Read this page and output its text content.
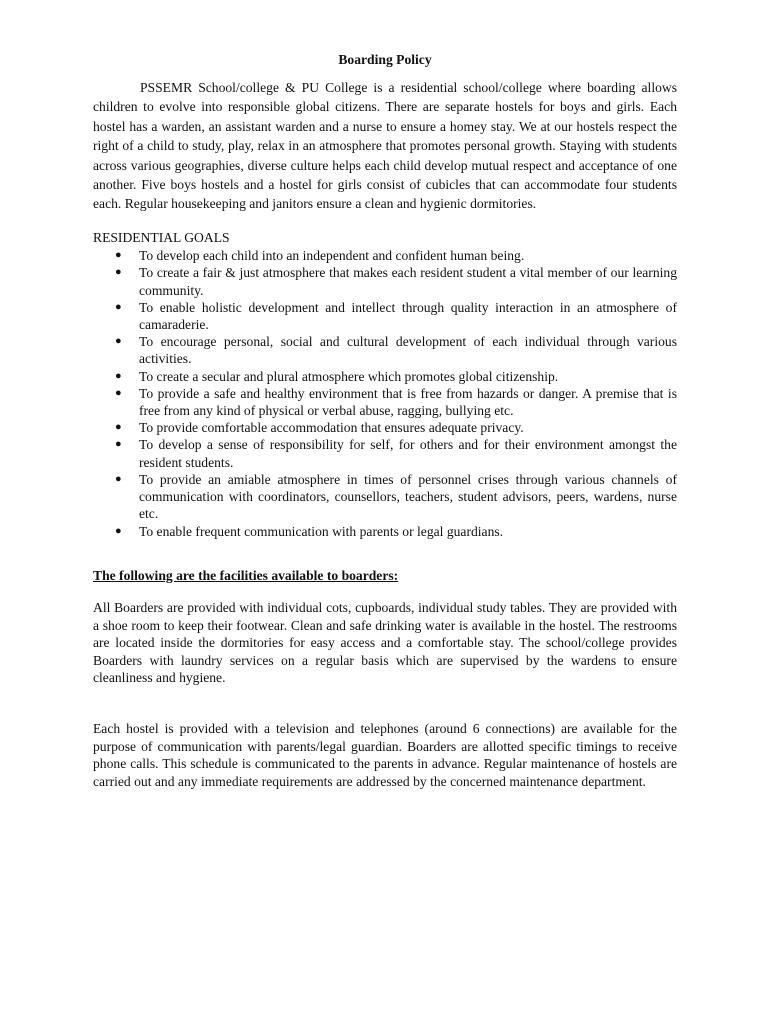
Boarding Policy

PSSEMR School/college & PU College is a residential school/college where boarding allows children to evolve into responsible global citizens. There are separate hostels for boys and girls. Each hostel has a warden, an assistant warden and a nurse to ensure a homey stay. We at our hostels respect the right of a child to study, play, relax in an atmosphere that promotes personal growth. Staying with students across various geographies, diverse culture helps each child develop mutual respect and acceptance of one another. Five boys hostels and a hostel for girls consist of cubicles that can accommodate four students each. Regular housekeeping and janitors ensure a clean and hygienic dormitories.

RESIDENTIAL GOALS
● To develop each child into an independent and confident human being.
● To create a fair & just atmosphere that makes each resident student a vital member of our learning community.
● To enable holistic development and intellect through quality interaction in an atmosphere of camaraderie.
● To encourage personal, social and cultural development of each individual through various activities.
● To create a secular and plural atmosphere which promotes global citizenship.
● To provide a safe and healthy environment that is free from hazards or danger. A premise that is free from any kind of physical or verbal abuse, ragging, bullying etc.
● To provide comfortable accommodation that ensures adequate privacy.
● To develop a sense of responsibility for self, for others and for their environment amongst the resident students.
● To provide an amiable atmosphere in times of personnel crises through various channels of communication with coordinators, counsellors, teachers, student advisors, peers, wardens, nurse etc.
● To enable frequent communication with parents or legal guardians.
The following are the facilities available to boarders:

All Boarders are provided with individual cots, cupboards, individual study tables. They are provided with a shoe room to keep their footwear. Clean and safe drinking water is available in the hostel. The restrooms are located inside the dormitories for easy access and a comfortable stay. The school/college provides Boarders with laundry services on a regular basis which are supervised by the wardens to ensure cleanliness and hygiene.

Each hostel is provided with a television and telephones (around 6 connections) are available for the purpose of communication with parents/legal guardian. Boarders are allotted specific timings to receive phone calls. This schedule is communicated to the parents in advance. Regular maintenance of hostels are carried out and any immediate requirements are addressed by the concerned maintenance department.
